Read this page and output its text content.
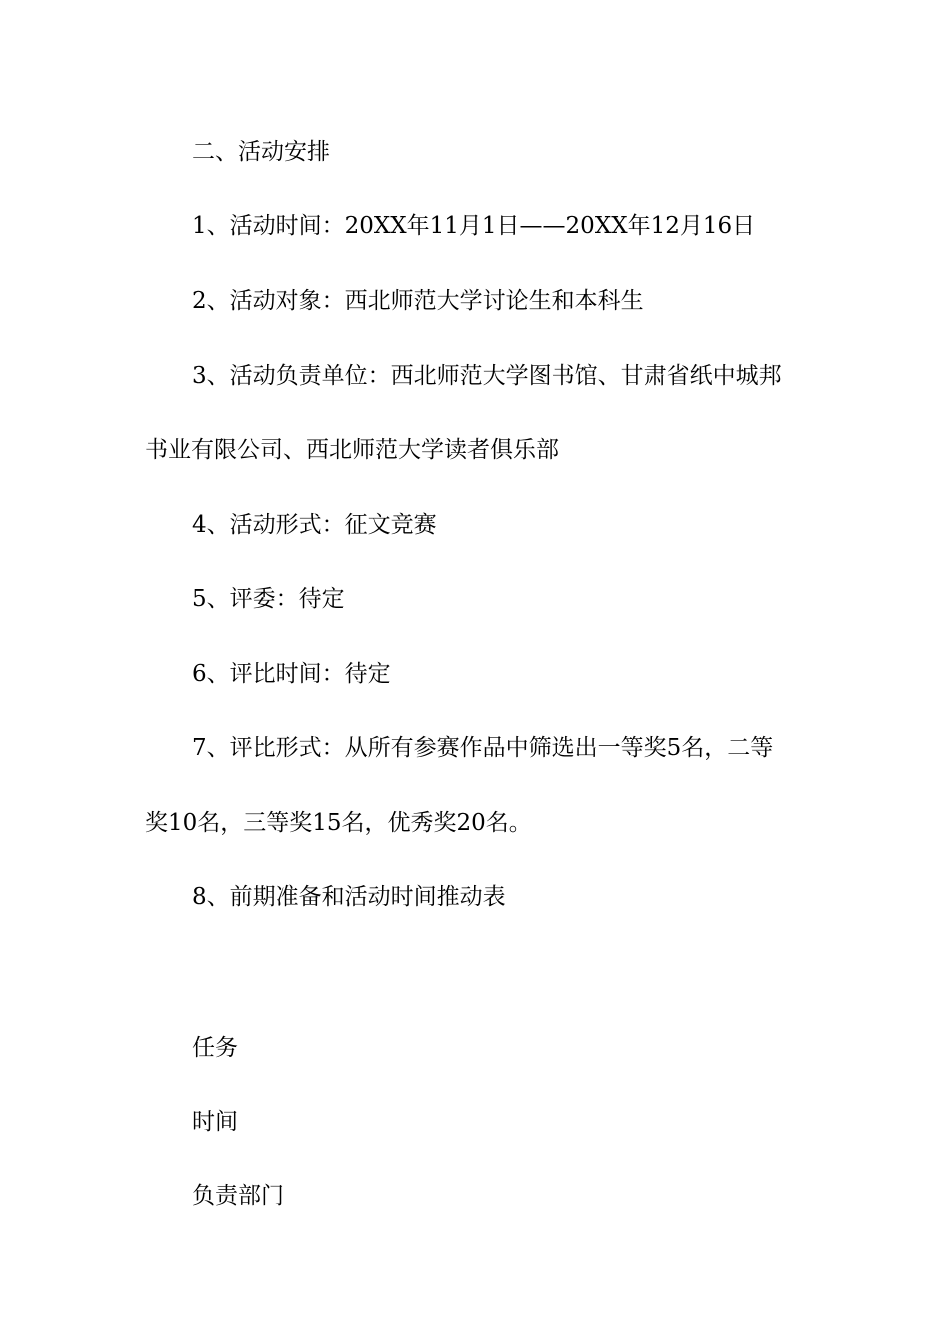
二、活动安排
1、活动时间：20XX年11月1日——20XX年12月16日
2、活动对象：西北师范大学讨论生和本科生
3、活动负责单位：西北师范大学图书馆、甘肃省纸中城邦
书业有限公司、西北师范大学读者俱乐部
4、活动形式：征文竞赛
5、评委：待定
6、评比时间：待定
7、评比形式：从所有参赛作品中筛选出一等奖5名，二等
奖10名，三等奖15名，优秀奖20名。
8、前期准备和活动时间推动表
任务
时间
负责部门
